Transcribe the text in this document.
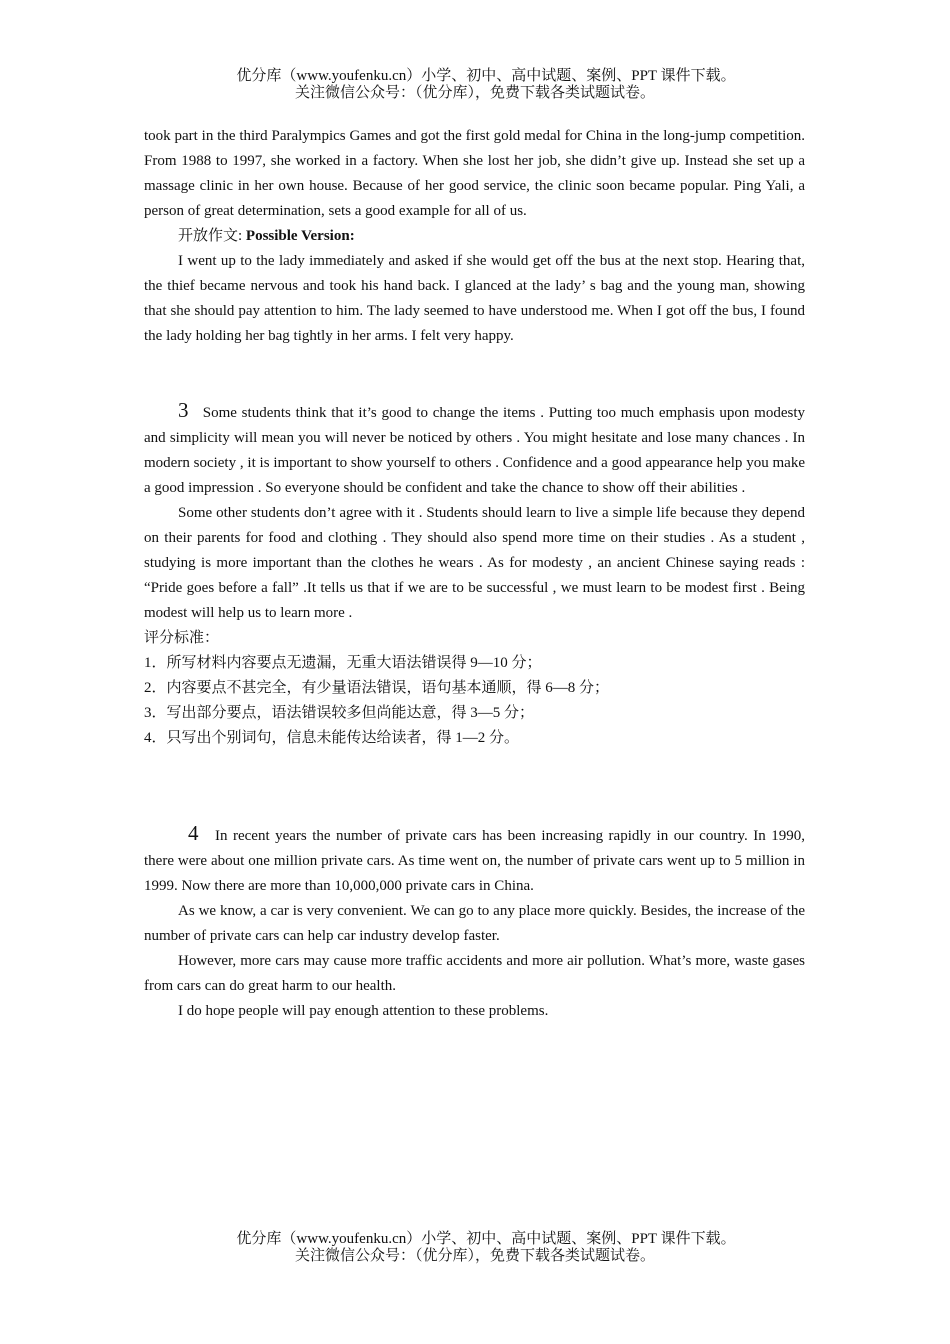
优分库（www.youfenku.cn）小学、初中、高中试题、案例、PPT 课件下载。
关注微信公众号：（优分库），免费下载各类试题试卷。

took part in the third Paralympics Games and got the first gold medal for China in the long-jump competition. From 1988 to 1997, she worked in a factory. When she lost her job, she didn’t give up. Instead she set up a massage clinic in her own house. Because of her good service, the clinic soon became popular. Ping Yali, a person of great determination, sets a good example for all of us.

开放作文: Possible Version:

I went up to the lady immediately and asked if she would get off the bus at the next stop. Hearing that, the thief became nervous and took his hand back. I glanced at the lady’ s bag and the young man, showing that she should pay attention to him. The lady seemed to have understood me. When I got off the bus, I found the lady holding her bag tightly in her arms. I felt very happy.

3 Some students think that it’s good to change the items . Putting too much emphasis upon modesty and simplicity will mean you will never be noticed by others . You might hesitate and lose many chances . In modern society , it is important to show yourself to others . Confidence and a good appearance help you make a good impression . So everyone should be confident and take the chance to show off their abilities .

Some other students don’t agree with it . Students should learn to live a simple life because they depend on their parents for food and clothing . They should also spend more time on their studies . As a student , studying is more important than the clothes he wears . As for modesty , an ancient Chinese saying reads : “Pride goes before a fall” .It tells us that if we are to be successful , we must learn to be modest first . Being modest will help us to learn more .

评分标准：

1．所写材料内容要点无遗漏，无重大语法错误得 9—10 分；

2．内容要点不甚完全，有少量语法错误，语句基本通顺，得 6—8 分；

3．写出部分要点，语法错误较多但尚能达意，得 3—5 分；

4．只写出个别词句，信息未能传达给读者，得 1—2 分。

4 In recent years the number of private cars has been increasing rapidly in our country. In 1990, there were about one million private cars. As time went on, the number of private cars went up to 5 million in 1999. Now there are more than 10,000,000 private cars in China.

As we know, a car is very convenient. We can go to any place more quickly. Besides, the increase of the number of private cars can help car industry develop faster.

However, more cars may cause more traffic accidents and more air pollution. What’s more, waste gases from cars can do great harm to our health.

I do hope people will pay enough attention to these problems.

优分库（www.youfenku.cn）小学、初中、高中试题、案例、PPT 课件下载。
关注微信公众号：（优分库），免费下载各类试题试卷。
